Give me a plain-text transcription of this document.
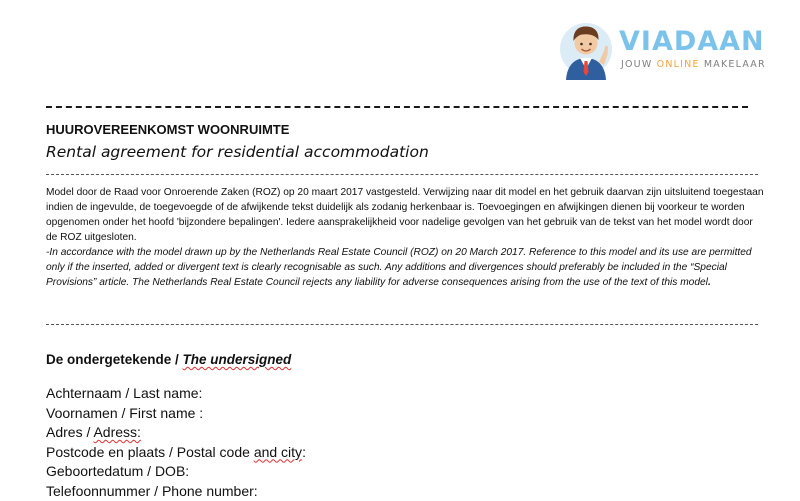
VIADAAN
JOUW ONLINE MAKELAAR
HUUROVEREENKOMST WOONRUIMTE
Rental agreement for residential accommodation

Model door de Raad voor Onroerende Zaken (ROZ) op 20 maart 2017 vastgesteld. Verwijzing naar dit model en het gebruik daarvan zijn uitsluitend toegestaan indien de ingevulde, de toegevoegde of de afwijkende tekst duidelijk als zodanig herkenbaar is. Toevoegingen en afwijkingen dienen bij voorkeur te worden opgenomen onder het hoofd 'bijzondere bepalingen'. Iedere aansprakelijkheid voor nadelige gevolgen van het gebruik van de tekst van het model wordt door de ROZ uitgesloten.

-In accordance with the model drawn up by the Netherlands Real Estate Council (ROZ) on 20 March 2017. Reference to this model and its use are permitted only if the inserted, added or divergent text is clearly recognisable as such. Any additions and divergences should preferably be included in the “Special Provisions” article. The Netherlands Real Estate Council rejects any liability for adverse consequences arising from the use of the text of this model.

De ondergetekende / The undersigned
Achternaam / Last name:
Voornamen / First name :
Adres / Adress:
Postcode en plaats / Postal code and city:
Geboortedatum / DOB:
Telefoonnummer / Phone number:
